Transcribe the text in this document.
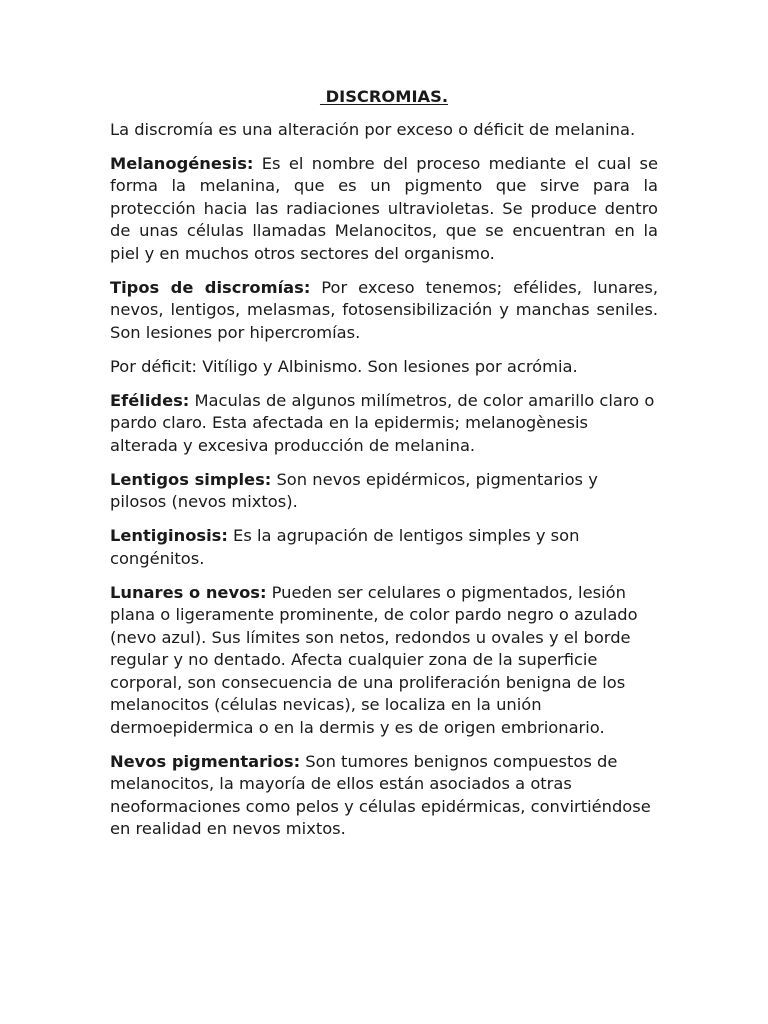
DISCROMIAS.

La discromía es una alteración por exceso o déficit de melanina.

Melanogénesis: Es el nombre del proceso mediante el cual se forma la melanina, que es un pigmento que sirve para la protección hacia las radiaciones ultravioletas. Se produce dentro de unas células llamadas Melanocitos, que se encuentran en la piel y en muchos otros sectores del organismo.

Tipos de discromías: Por exceso tenemos; efélides, lunares, nevos, lentigos, melasmas, fotosensibilización y manchas seniles. Son lesiones por hipercromías.

Por déficit: Vitíligo y Albinismo. Son lesiones por acrómia.

Efélides: Maculas de algunos milímetros, de color amarillo claro o pardo claro. Esta afectada en la epidermis; melanogènesis alterada y excesiva producción de melanina.

Lentigos simples: Son nevos epidérmicos, pigmentarios y pilosos (nevos mixtos).

Lentiginosis: Es la agrupación de lentigos simples y son congénitos.

Lunares o nevos: Pueden ser celulares o pigmentados, lesión plana o ligeramente prominente, de color pardo negro o azulado (nevo azul). Sus límites son netos, redondos u ovales y el borde regular y no dentado. Afecta cualquier zona de la superficie corporal, son consecuencia de una proliferación benigna de los melanocitos (células nevicas), se localiza en la unión dermoepidermica o en la dermis y es de origen embrionario.

Nevos pigmentarios: Son tumores benignos compuestos de melanocitos, la mayoría de ellos están asociados a otras neoformaciones como pelos y células epidérmicas, convirtiéndose en realidad en nevos mixtos.
